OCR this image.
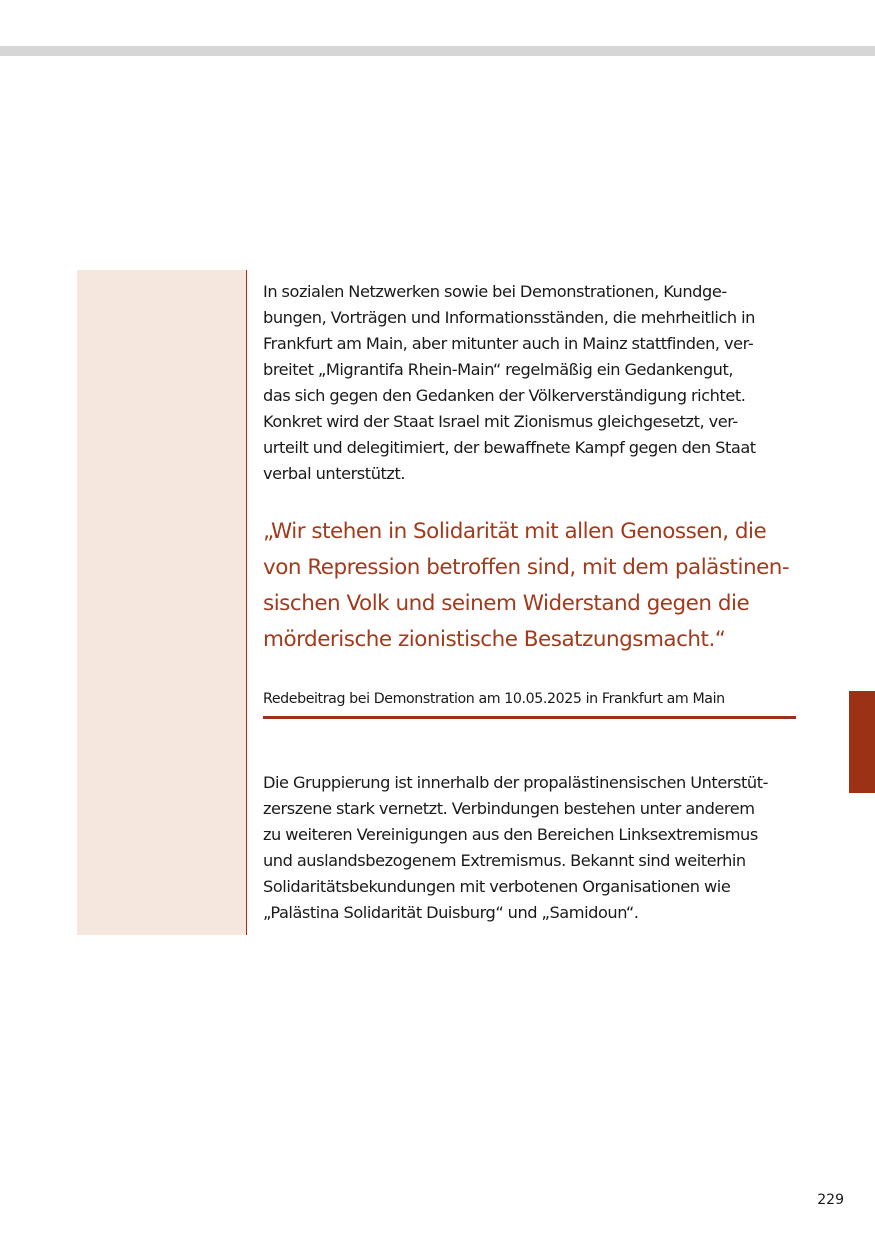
In sozialen Netzwerken sowie bei Demonstrationen, Kundge-
bungen, Vorträgen und Informationsständen, die mehrheitlich in
Frankfurt am Main, aber mitunter auch in Mainz stattfinden, ver-
breitet „Migrantifa Rhein-Main“ regelmäßig ein Gedankengut,
das sich gegen den Gedanken der Völkerverständigung richtet.
Konkret wird der Staat Israel mit Zionismus gleichgesetzt, ver-
urteilt und delegitimiert, der bewaffnete Kampf gegen den Staat
verbal unterstützt.

„Wir stehen in Solidarität mit allen Genossen, die
von Repression betroffen sind, mit dem palästinen-
sischen Volk und seinem Widerstand gegen die
mörderische zionistische Besatzungsmacht.“

Redebeitrag bei Demonstration am 10.05.2025 in Frankfurt am Main

Die Gruppierung ist innerhalb der propalästinensischen Unterstüt-
zerszene stark vernetzt. Verbindungen bestehen unter anderem
zu weiteren Vereinigungen aus den Bereichen Linksextremismus
und auslandsbezogenem Extremismus. Bekannt sind weiterhin
Solidaritätsbekundungen mit verbotenen Organisationen wie
„Palästina Solidarität Duisburg“ und „Samidoun“.

229
